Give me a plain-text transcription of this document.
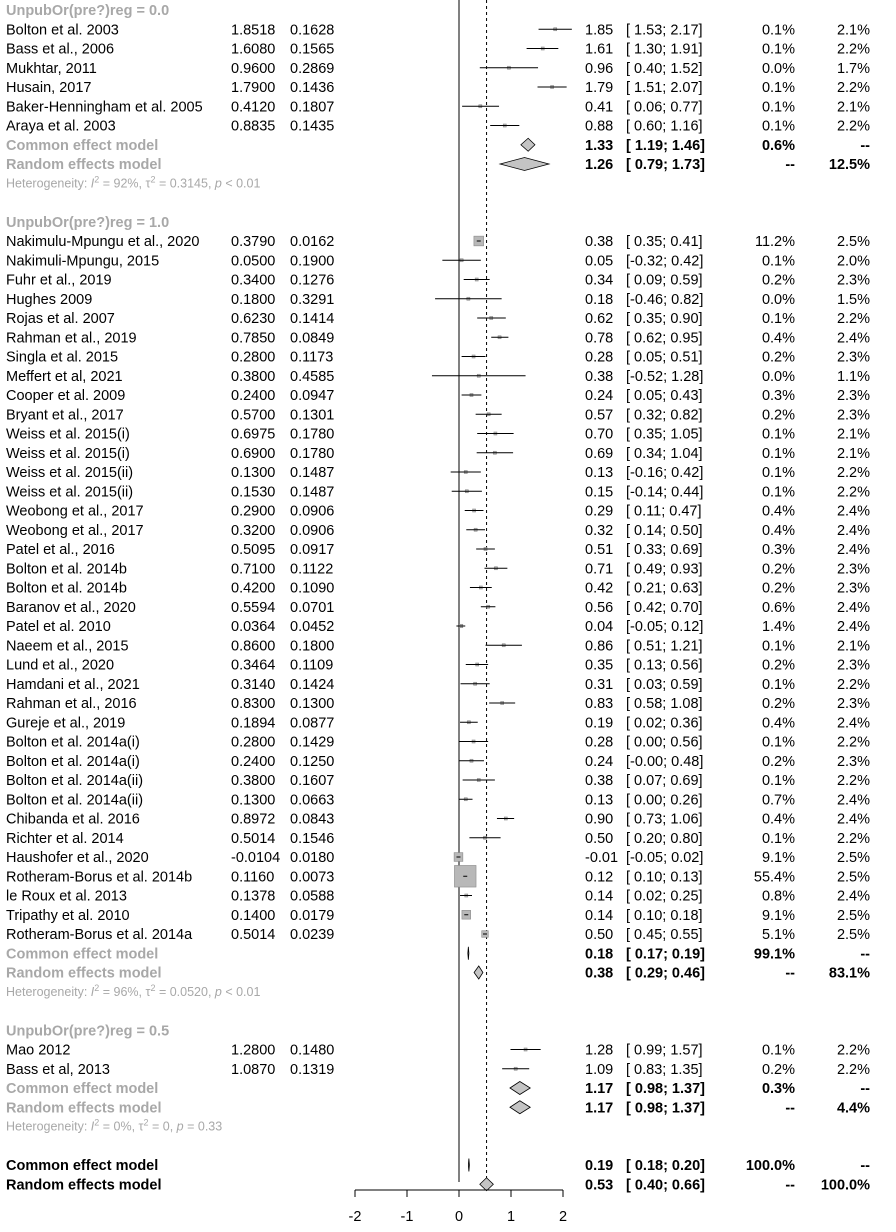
UnpubOr(pre?)reg = 0.0
Bolton et al. 2003	1.8518 0.1628	1.85 [ 1.53; 2.17]	0.1%	2.1%
Bass et al., 2006	1.6080 0.1565	1.61 [ 1.30; 1.91]	0.1%	2.2%
Mukhtar, 2011	0.9600 0.2869	0.96 [ 0.40; 1.52]	0.0%	1.7%
Husain, 2017	1.7900 0.1436	1.79 [ 1.51; 2.07]	0.1%	2.2%
Baker-Henningham et al. 2005 0.4120 0.1807	0.41 [ 0.06; 0.77]	0.1%	2.1%
Araya et al. 2003	0.8835 0.1435	0.88 [ 0.60; 1.16]	0.1%	2.2%
Common effect model	1.33 [ 1.19; 1.46]	0.6%	--
Random effects model	1.26 [ 0.79; 1.73]	-- 12.5%
Heterogeneity: $I^2 = 92\%$, $\tau^2 = 0.3145$, p < 0.01
UnpubOr(pre?)reg = 1.0
Nakimulu-Mpungu et al., 2020 0.3790 0.0162	0.38 [ 0.35; 0.41]	11.2%	2.5%
Nakimuli-Mpungu, 2015	0.0500 0.1900	0.05 [-0.32; 0.42]	0.1%	2.0%
Fuhr et al., 2019	0.3400 0.1276	0.34 [ 0.09; 0.59]	0.2%	2.3%
Hughes 2009	0.1800 0.3291	0.18 [-0.46; 0.82]	0.0%	1.5%
Rojas et al. 2007	0.6230 0.1414	0.62 [ 0.35; 0.90]	0.1%	2.2%
Rahman et al., 2019	0.7850 0.0849	0.78 [ 0.62; 0.95]	0.4%	2.4%
Singla et al. 2015	0.2800 0.1173	0.28 [ 0.05; 0.51]	0.2%	2.3%
Meffert et al, 2021	0.3800 0.4585	0.38 [-0.52; 1.28]	0.0%	1.1%
Cooper et al. 2009	0.2400 0.0947	0.24 [ 0.05; 0.43]	0.3%	2.3%
Bryant et al., 2017	0.5700 0.1301	0.57 [ 0.32; 0.82]	0.2%	2.3%
Weiss et al. 2015(i)	0.6975 0.1780	0.70 [ 0.35; 1.05]	0.1%	2.1%
Weiss et al. 2015(i)	0.6900 0.1780	0.69 [ 0.34; 1.04]	0.1%	2.1%
Weiss et al. 2015(ii)	0.1300 0.1487	0.13 [-0.16; 0.42]	0.1%	2.2%
Weiss et al. 2015(ii)	0.1530 0.1487	0.15 [-0.14; 0.44]	0.1%	2.2%
Weobong et al., 2017	0.2900 0.0906	0.29 [ 0.11; 0.47]	0.4%	2.4%
Weobong et al., 2017	0.3200 0.0906	0.32 [ 0.14; 0.50]	0.4%	2.4%
Patel et al., 2016	0.5095 0.0917	0.51 [ 0.33; 0.69]	0.3%	2.4%
Bolton et al. 2014b	0.7100 0.1122	0.71 [ 0.49; 0.93]	0.2%	2.3%
Bolton et al. 2014b	0.4200 0.1090	0.42 [ 0.21; 0.63]	0.2%	2.3%
Baranov et al., 2020	0.5594 0.0701	0.56 [ 0.42; 0.70]	0.6%	2.4%
Patel et al. 2010	0.0364 0.0452	0.04 [-0.05; 0.12]	1.4%	2.4%
Naeem et al., 2015	0.8600 0.1800	0.86 [ 0.51; 1.21]	0.1%	2.1%
Lund et al., 2020	0.3464 0.1109	0.35 [ 0.13; 0.56]	0.2%	2.3%
Hamdani et al., 2021	0.3140 0.1424	0.31 [ 0.03; 0.59]	0.1%	2.2%
Rahman et al., 2016	0.8300 0.1300	0.83 [ 0.58; 1.08]	0.2%	2.3%
Gureje et al., 2019	0.1894 0.0877	0.19 [ 0.02; 0.36]	0.4%	2.4%
Bolton et al. 2014a(i)	0.2800 0.1429	0.28 [ 0.00; 0.56]	0.1%	2.2%
Bolton et al. 2014a(i)	0.2400 0.1250	0.24 [-0.00; 0.48]	0.2%	2.3%
Bolton et al. 2014a(ii)	0.3800 0.1607	0.38 [ 0.07; 0.69]	0.1%	2.2%
Bolton et al. 2014a(ii)	0.1300 0.0663	0.13 [ 0.00; 0.26]	0.7%	2.4%
Chibanda et al. 2016	0.8972 0.0843	0.90 [ 0.73; 1.06]	0.4%	2.4%
Richter et al. 2014	0.5014 0.1546	0.50 [ 0.20; 0.80]	0.1%	2.2%
Haushofer et al., 2020	-0.0104 0.0180	-0.01 [-0.05; 0.02]	9.1%	2.5%
Rotheram-Borus et al. 2014b	0.1160 0.0073	0.12 [ 0.10; 0.13]	55.4%	2.5%
le Roux et al. 2013	0.1378 0.0588	0.14 [ 0.02; 0.25]	0.8%	2.4%
Tripathy et al. 2010	0.1400 0.0179	0.14 [ 0.10; 0.18]	9.1%	2.5%
Rotheram-Borus et al. 2014a	0.5014 0.0239	0.50 [ 0.45; 0.55]	5.1%	2.5%
Common effect model	0.18 [ 0.17; 0.19]	99.1%	--
Random effects model	0.38 [ 0.29; 0.46]	-- 83.1%
Heterogeneity: $I^2 = 96\%$, $\tau^2 = 0.0520$, p < 0.01
UnpubOr(pre?)reg = 0.5
Mao 2012	1.2800 0.1480	1.28 [ 0.99; 1.57]	0.1%	2.2%
Bass et al, 2013	1.0870 0.1319	1.09 [ 0.83; 1.35]	0.2%	2.2%
Common effect model	1.17 [ 0.98; 1.37]	0.3%	--
Random effects model	1.17 [ 0.98; 1.37]	--	4.4%
Heterogeneity: $I^2 = 0\%$, $\tau^2 = 0$, p = 0.33
Common effect model	0.19 [ 0.18; 0.20]	100.0%	--
Random effects model	0.53 [ 0.40; 0.66]	-- 100.0%
-2	-1	0	1	2
